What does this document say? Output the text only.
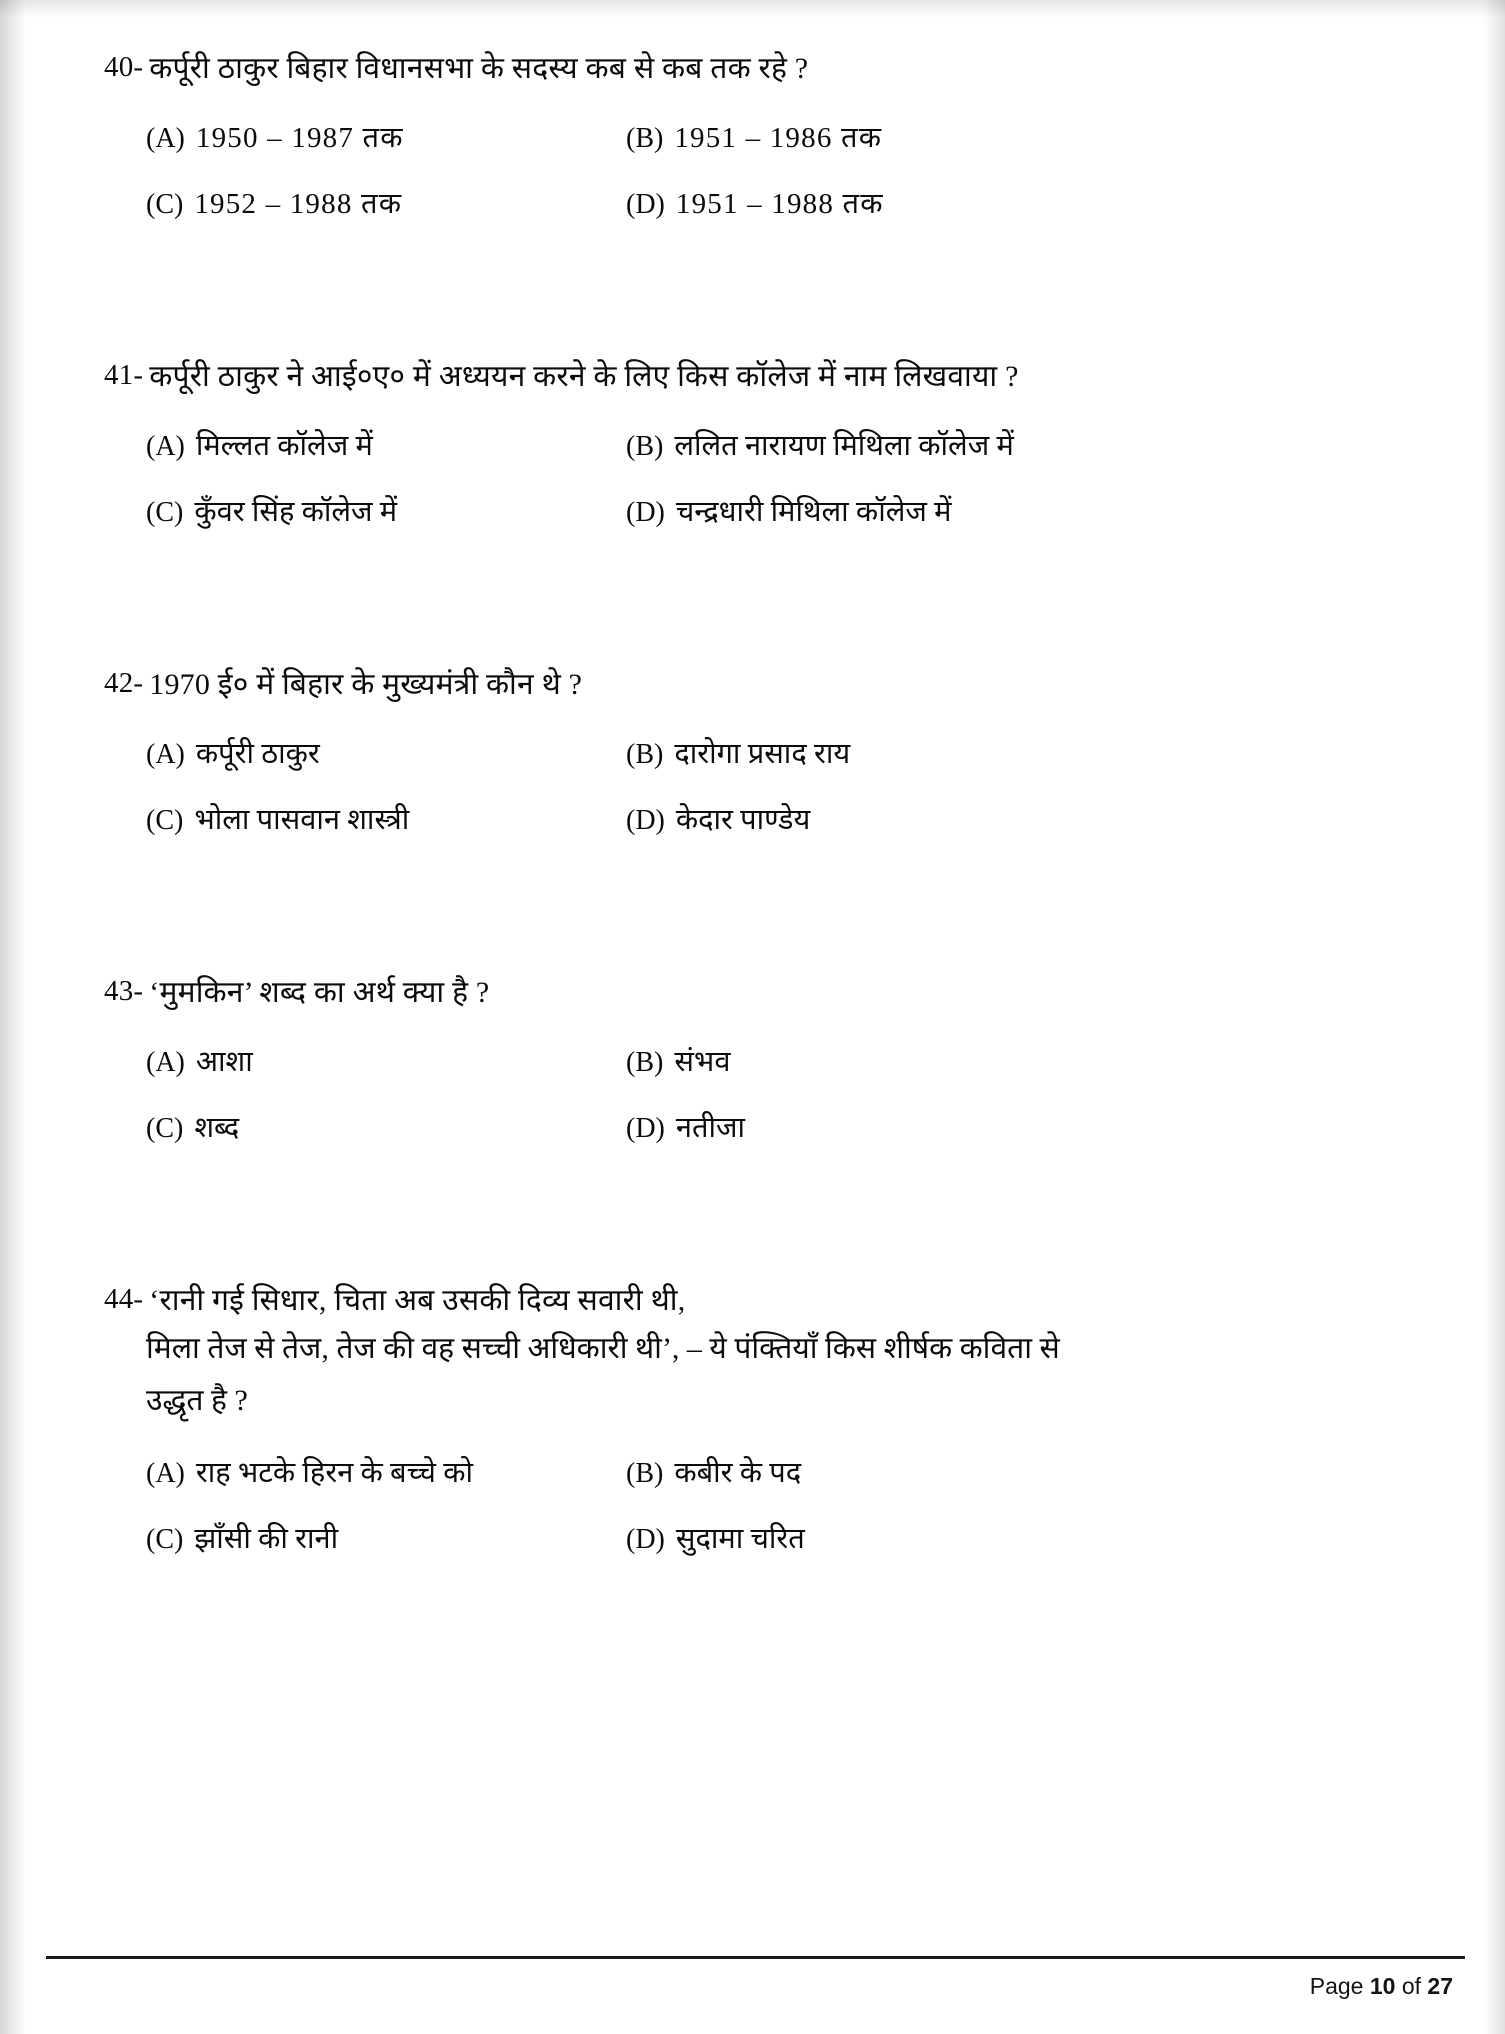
40- कर्पूरी ठाकुर बिहार विधानसभा के सदस्य कब से कब तक रहे ?
(A) 1950 – 1987 तक	(B) 1951 – 1986 तक
(C) 1952 – 1988 तक	(D) 1951 – 1988 तक
41- कर्पूरी ठाकुर ने आई०ए० में अध्ययन करने के लिए किस कॉलेज में नाम लिखवाया ?
(A) मिल्लत कॉलेज में	(B) ललित नारायण मिथिला कॉलेज में
(C) कुँवर सिंह कॉलेज में	(D) चन्द्रधारी मिथिला कॉलेज में
42- 1970 ई० में बिहार के मुख्यमंत्री कौन थे ?
(A) कर्पूरी ठाकुर	(B) दारोगा प्रसाद राय
(C) भोला पासवान शास्त्री	(D) केदार पाण्डेय
43- ‘मुमकिन’ शब्द का अर्थ क्या है ?
(A) आशा	(B) संभव
(C) शब्द	(D) नतीजा
44- ‘रानी गई सिधार, चिता अब उसकी दिव्य सवारी थी,
मिला तेज से तेज, तेज की वह सच्ची अधिकारी थी’, – ये पंक्तियाँ किस शीर्षक कविता से
उद्धृत है ?
(A) राह भटके हिरन के बच्चे को	(B) कबीर के पद
(C) झाँसी की रानी	(D) सुदामा चरित
Page 10 of 27
